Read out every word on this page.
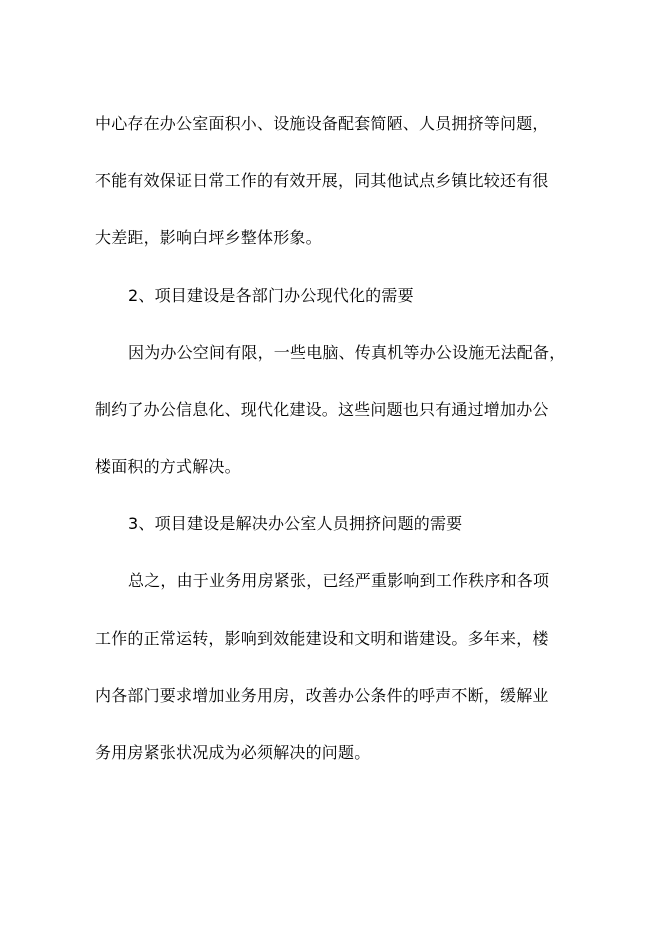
中心存在办公室面积小、设施设备配套简陋、人员拥挤等问题，
不能有效保证日常工作的有效开展，同其他试点乡镇比较还有很
大差距，影响白坪乡整体形象。
2、项目建设是各部门办公现代化的需要
因为办公空间有限，一些电脑、传真机等办公设施无法配备，
制约了办公信息化、现代化建设。这些问题也只有通过增加办公
楼面积的方式解决。
3、项目建设是解决办公室人员拥挤问题的需要
总之，由于业务用房紧张，已经严重影响到工作秩序和各项
工作的正常运转，影响到效能建设和文明和谐建设。多年来，楼
内各部门要求增加业务用房，改善办公条件的呼声不断，缓解业
务用房紧张状况成为必须解决的问题。
